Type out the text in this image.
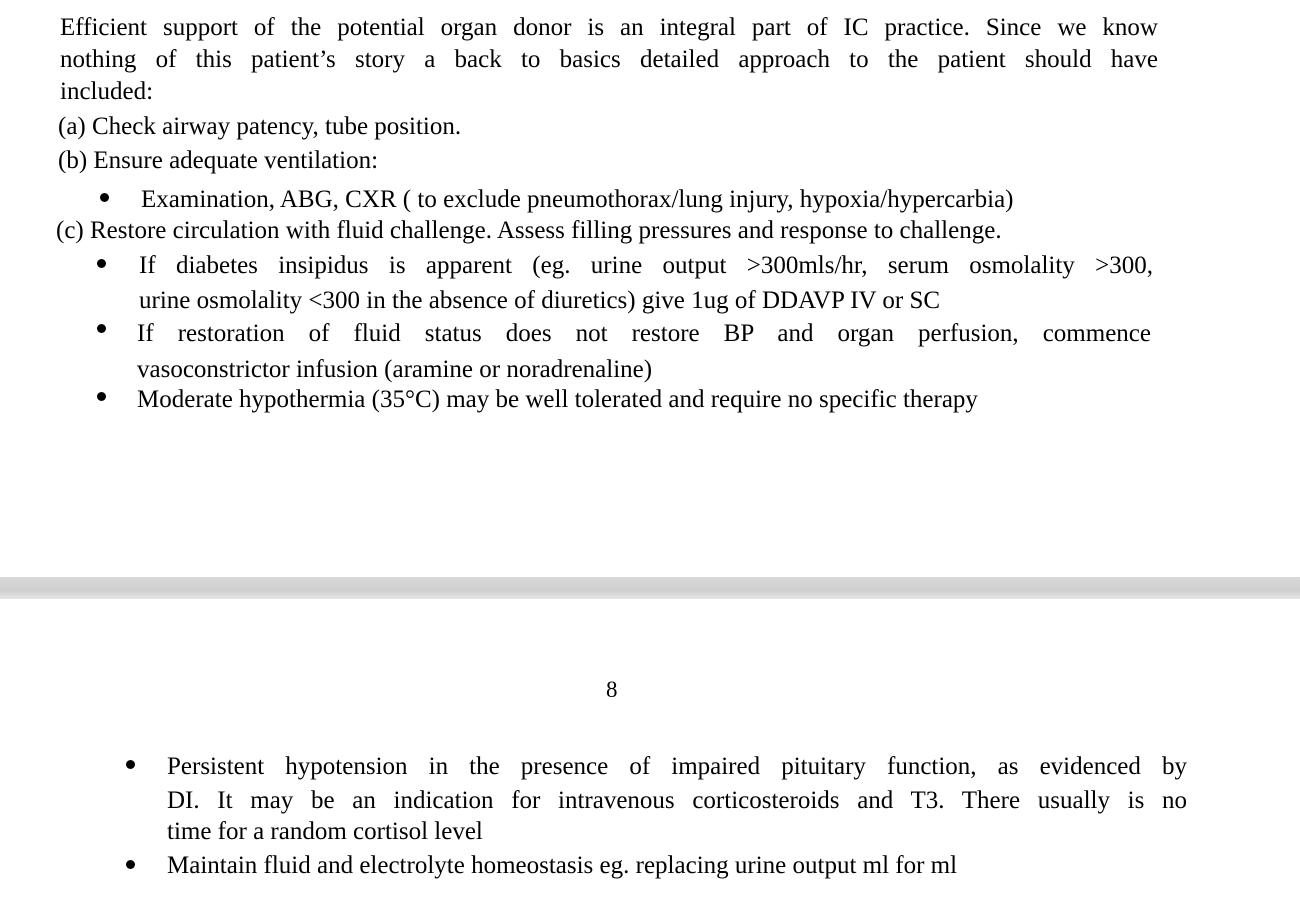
Efficient support of the potential organ donor is an integral part of IC practice. Since we know
nothing of this patient’s story a back to basics detailed approach to the patient should have
included:
(a) Check airway patency, tube position.
(b) Ensure adequate ventilation:
Examination, ABG, CXR ( to exclude pneumothorax/lung injury, hypoxia/hypercarbia)
(c) Restore circulation with fluid challenge. Assess filling pressures and response to challenge.
If diabetes insipidus is apparent (eg. urine output >300mls/hr, serum osmolality >300,
urine osmolality <300 in the absence of diuretics) give 1ug of DDAVP IV or SC
If restoration of fluid status does not restore BP and organ perfusion, commence
vasoconstrictor infusion (aramine or noradrenaline)
Moderate hypothermia (35°C) may be well tolerated and require no specific therapy
8
Persistent hypotension in the presence of impaired pituitary function, as evidenced by
DI. It may be an indication for intravenous corticosteroids and T3. There usually is no
time for a random cortisol level
Maintain fluid and electrolyte homeostasis eg. replacing urine output ml for ml
